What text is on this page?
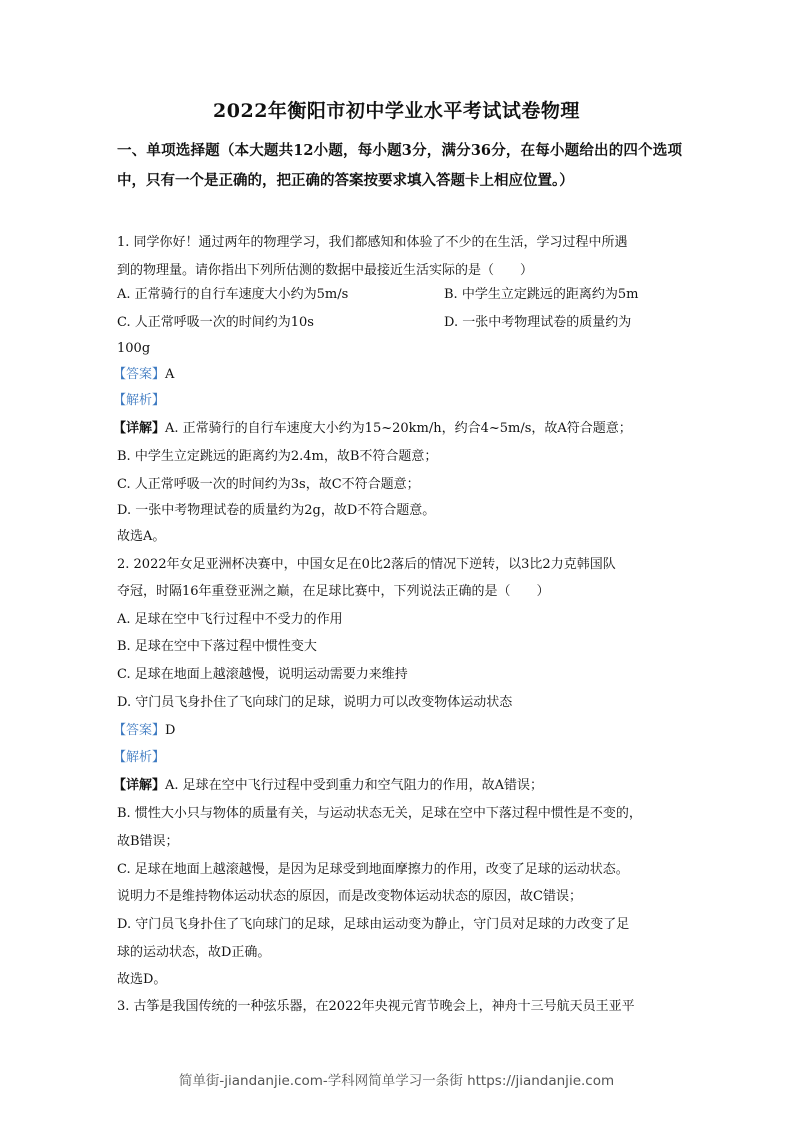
2022年衡阳市初中学业水平考试试卷物理
一、单项选择题（本大题共12小题，每小题3分，满分36分，在每小题给出的四个选项中，只有一个是正确的，把正确的答案按要求填入答题卡上相应位置。）
1. 同学你好！通过两年的物理学习，我们都感知和体验了不少的在生活，学习过程中所遇
到的物理量。请你指出下列所估测的数据中最接近生活实际的是（　　）
A. 正常骑行的自行车速度大小约为5m/s	B. 中学生立定跳远的距离约为5m
C. 人正常呼吸一次的时间约为10s	D. 一张中考物理试卷的质量约为
100g
【答案】A
【解析】
【详解】A. 正常骑行的自行车速度大小约为15~20km/h，约合4~5m/s，故A符合题意；
B. 中学生立定跳远的距离约为2.4m，故B不符合题意；
C. 人正常呼吸一次的时间约为3s，故C不符合题意；
D. 一张中考物理试卷的质量约为2g，故D不符合题意。
故选A。
2. 2022年女足亚洲杯决赛中，中国女足在0比2落后的情况下逆转，以3比2力克韩国队
夺冠，时隔16年重登亚洲之巅，在足球比赛中，下列说法正确的是（　　）
A. 足球在空中飞行过程中不受力的作用
B. 足球在空中下落过程中惯性变大
C. 足球在地面上越滚越慢，说明运动需要力来维持
D. 守门员飞身扑住了飞向球门的足球，说明力可以改变物体运动状态
【答案】D
【解析】
【详解】A. 足球在空中飞行过程中受到重力和空气阻力的作用，故A错误；
B. 惯性大小只与物体的质量有关，与运动状态无关，足球在空中下落过程中惯性是不变的，
故B错误；
C. 足球在地面上越滚越慢，是因为足球受到地面摩擦力的作用，改变了足球的运动状态。
说明力不是维持物体运动状态的原因，而是改变物体运动状态的原因，故C错误；
D. 守门员飞身扑住了飞向球门的足球，足球由运动变为静止，守门员对足球的力改变了足
球的运动状态，故D正确。
故选D。
3. 古筝是我国传统的一种弦乐器，在2022年央视元宵节晚会上，神舟十三号航天员王亚平
简单街-jiandanjie.com-学科网简单学习一条街 https://jiandanjie.com
